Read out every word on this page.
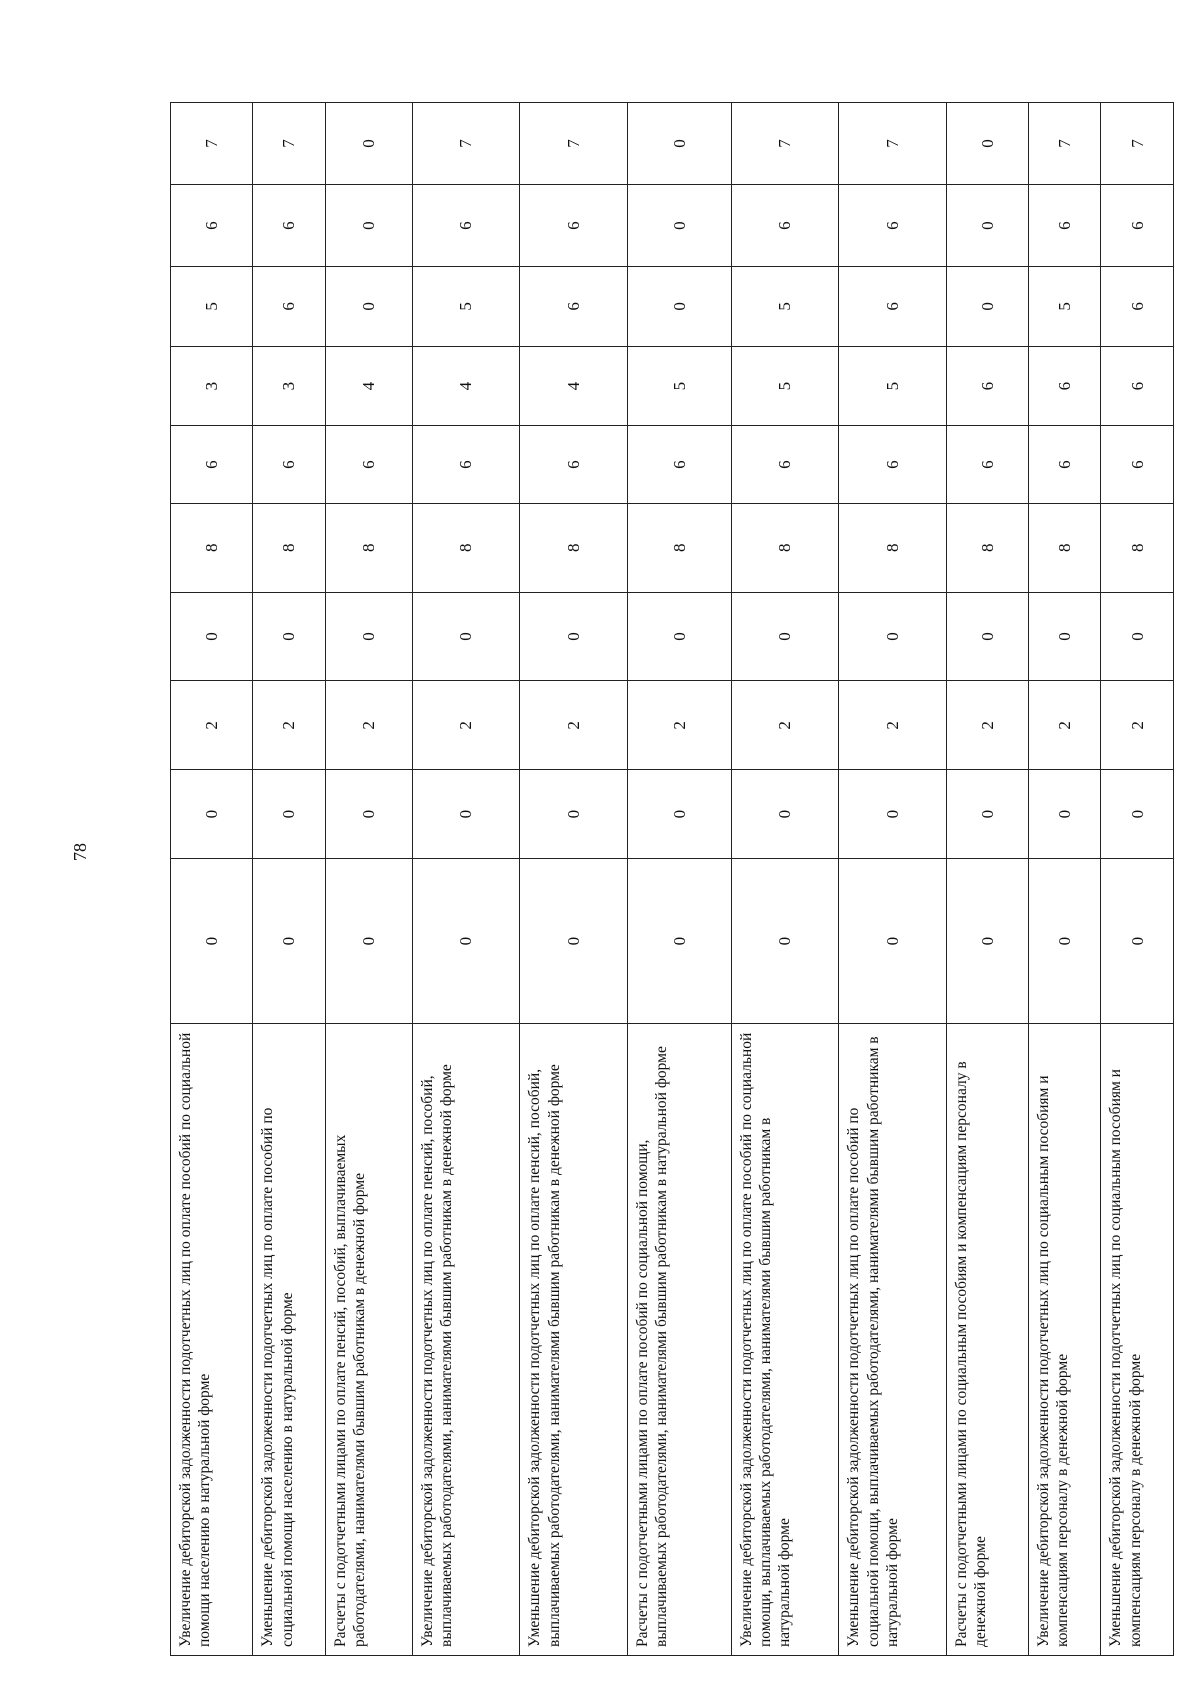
78
Увеличение дебиторской задолженности подотчетных лиц по оплате пособий по социальной помощи населению в натуральной форме	0	0	2	0	8	6	3	5	6	7
Уменьшение дебиторской задолженности подотчетных лиц по оплате пособий по социальной помощи населению в натуральной форме	0	0	2	0	8	6	3	6	6	7
Расчеты с подотчетными лицами по оплате пенсий, пособий, выплачиваемых работодателями, нанимателями бывшим работникам в денежной форме	0	0	2	0	8	6	4	0	0	0
Увеличение дебиторской задолженности подотчетных лиц по оплате пенсий, пособий, выплачиваемых работодателями, нанимателями бывшим работникам в денежной форме	0	0	2	0	8	6	4	5	6	7
Уменьшение дебиторской задолженности подотчетных лиц по оплате пенсий, пособий, выплачиваемых работодателями, нанимателями бывшим работникам в денежной форме	0	0	2	0	8	6	4	6	6	7
Расчеты с подотчетными лицами по оплате пособий по социальной помощи, выплачиваемых работодателями, нанимателями бывшим работникам в натуральной форме	0	0	2	0	8	6	5	0	0	0
Увеличение дебиторской задолженности подотчетных лиц по оплате пособий по социальной помощи, выплачиваемых работодателями, нанимателями бывшим работникам в натуральной форме	0	0	2	0	8	6	5	5	6	7
Уменьшение дебиторской задолженности подотчетных лиц по оплате пособий по социальной помощи, выплачиваемых работодателями, нанимателями бывшим работникам в натуральной форме	0	0	2	0	8	6	5	6	6	7
Расчеты с подотчетными лицами по социальным пособиям и компенсациям персоналу в денежной форме	0	0	2	0	8	6	6	0	0	0
Увеличение дебиторской задолженности подотчетных лиц по социальным пособиям и компенсациям персоналу в денежной форме	0	0	2	0	8	6	6	5	6	7
Уменьшение дебиторской задолженности подотчетных лиц по социальным пособиям и компенсациям персоналу в денежной форме	0	0	2	0	8	6	6	6	6	7
